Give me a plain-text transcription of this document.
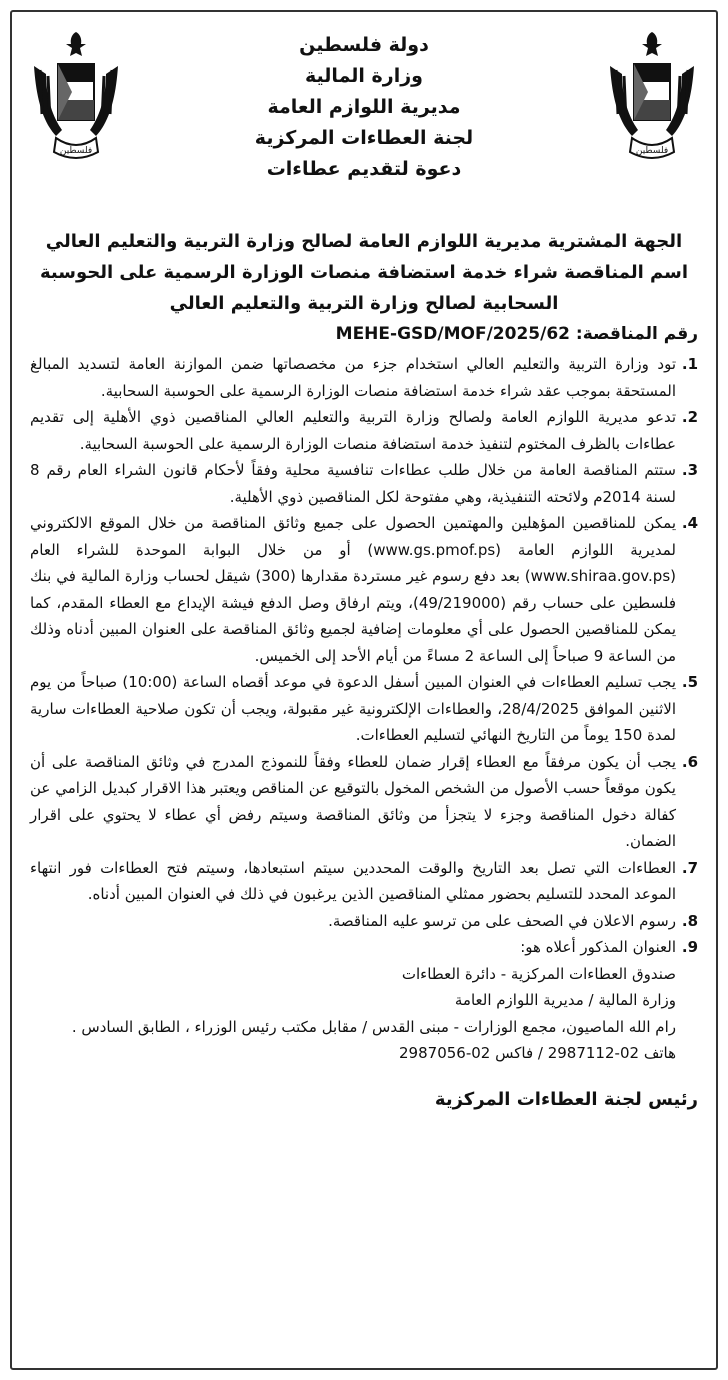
فلسطين
فلسطين
دولة فلسطين
وزارة المالية
مديرية اللوازم العامة
لجنة العطاءات المركزية
دعوة لتقديم عطاءات
الجهة المشترية مديرية اللوازم العامة لصالح وزارة التربية والتعليم العالي
اسم المناقصة شراء خدمة استضافة منصات الوزارة الرسمية على الحوسبة السحابية لصالح وزارة التربية والتعليم العالي
رقم المناقصة: MEHE-GSD/MOF/2025/62
1.
تود وزارة التربية والتعليم العالي استخدام جزء من مخصصاتها ضمن الموازنة العامة لتسديد المبالغ المستحقة بموجب عقد شراء خدمة استضافة منصات الوزارة الرسمية على الحوسبة السحابية.
2.
تدعو مديرية اللوازم العامة ولصالح وزارة التربية والتعليم العالي المناقصين ذوي الأهلية إلى تقديم عطاءات بالظرف المختوم لتنفيذ خدمة استضافة منصات الوزارة الرسمية على الحوسبة السحابية.
3.
ستتم المناقصة العامة من خلال طلب عطاءات تنافسية محلية وفقاً لأحكام قانون الشراء العام رقم 8 لسنة 2014م ولائحته التنفيذية، وهي مفتوحة لكل المناقصين ذوي الأهلية.
4.
يمكن للمناقصين المؤهلين والمهتمين الحصول على جميع وثائق المناقصة من خلال الموقع الالكتروني لمديرية اللوازم العامة (www.gs.pmof.ps) أو من خلال البوابة الموحدة للشراء العام (www.shiraa.gov.ps) بعد دفع رسوم غير مستردة مقدارها (300) شيقل لحساب وزارة المالية في بنك فلسطين على حساب رقم (49/219000)، ويتم ارفاق وصل الدفع فيشة الإيداع مع العطاء المقدم، كما يمكن للمناقصين الحصول على أي معلومات إضافية لجميع وثائق المناقصة على العنوان المبين أدناه وذلك من الساعة 9 صباحاً إلى الساعة 2 مساءً من أيام الأحد إلى الخميس.
5.
يجب تسليم العطاءات في العنوان المبين أسفل الدعوة في موعد أقصاه الساعة (10:00) صباحاً من يوم الاثنين الموافق 28/4/2025، والعطاءات الإلكترونية غير مقبولة، ويجب أن تكون صلاحية العطاءات سارية لمدة 150 يوماً من التاريخ النهائي لتسليم العطاءات.
6.
يجب أن يكون مرفقاً مع العطاء إقرار ضمان للعطاء وفقاً للنموذج المدرج في وثائق المناقصة على أن يكون موقعاً حسب الأصول من الشخص المخول بالتوقيع عن المناقص ويعتبر هذا الاقرار كبديل الزامي عن كفالة دخول المناقصة وجزء لا يتجزأ من وثائق المناقصة وسيتم رفض أي عطاء لا يحتوي على اقرار الضمان.
7.
العطاءات التي تصل بعد التاريخ والوقت المحددين سيتم استبعادها، وسيتم فتح العطاءات فور انتهاء الموعد المحدد للتسليم بحضور ممثلي المناقصين الذين يرغبون في ذلك في العنوان المبين أدناه.
8.
رسوم الاعلان في الصحف على من ترسو عليه المناقصة.
9.
العنوان المذكور أعلاه هو:
صندوق العطاءات المركزية - دائرة العطاءات
وزارة المالية / مديرية اللوازم العامة
رام الله الماصيون، مجمع الوزارات - مبنى القدس / مقابل مكتب رئيس الوزراء ، الطابق السادس .
هاتف 02-2987112 / فاكس 02-2987056
رئيس لجنة العطاءات المركزية
